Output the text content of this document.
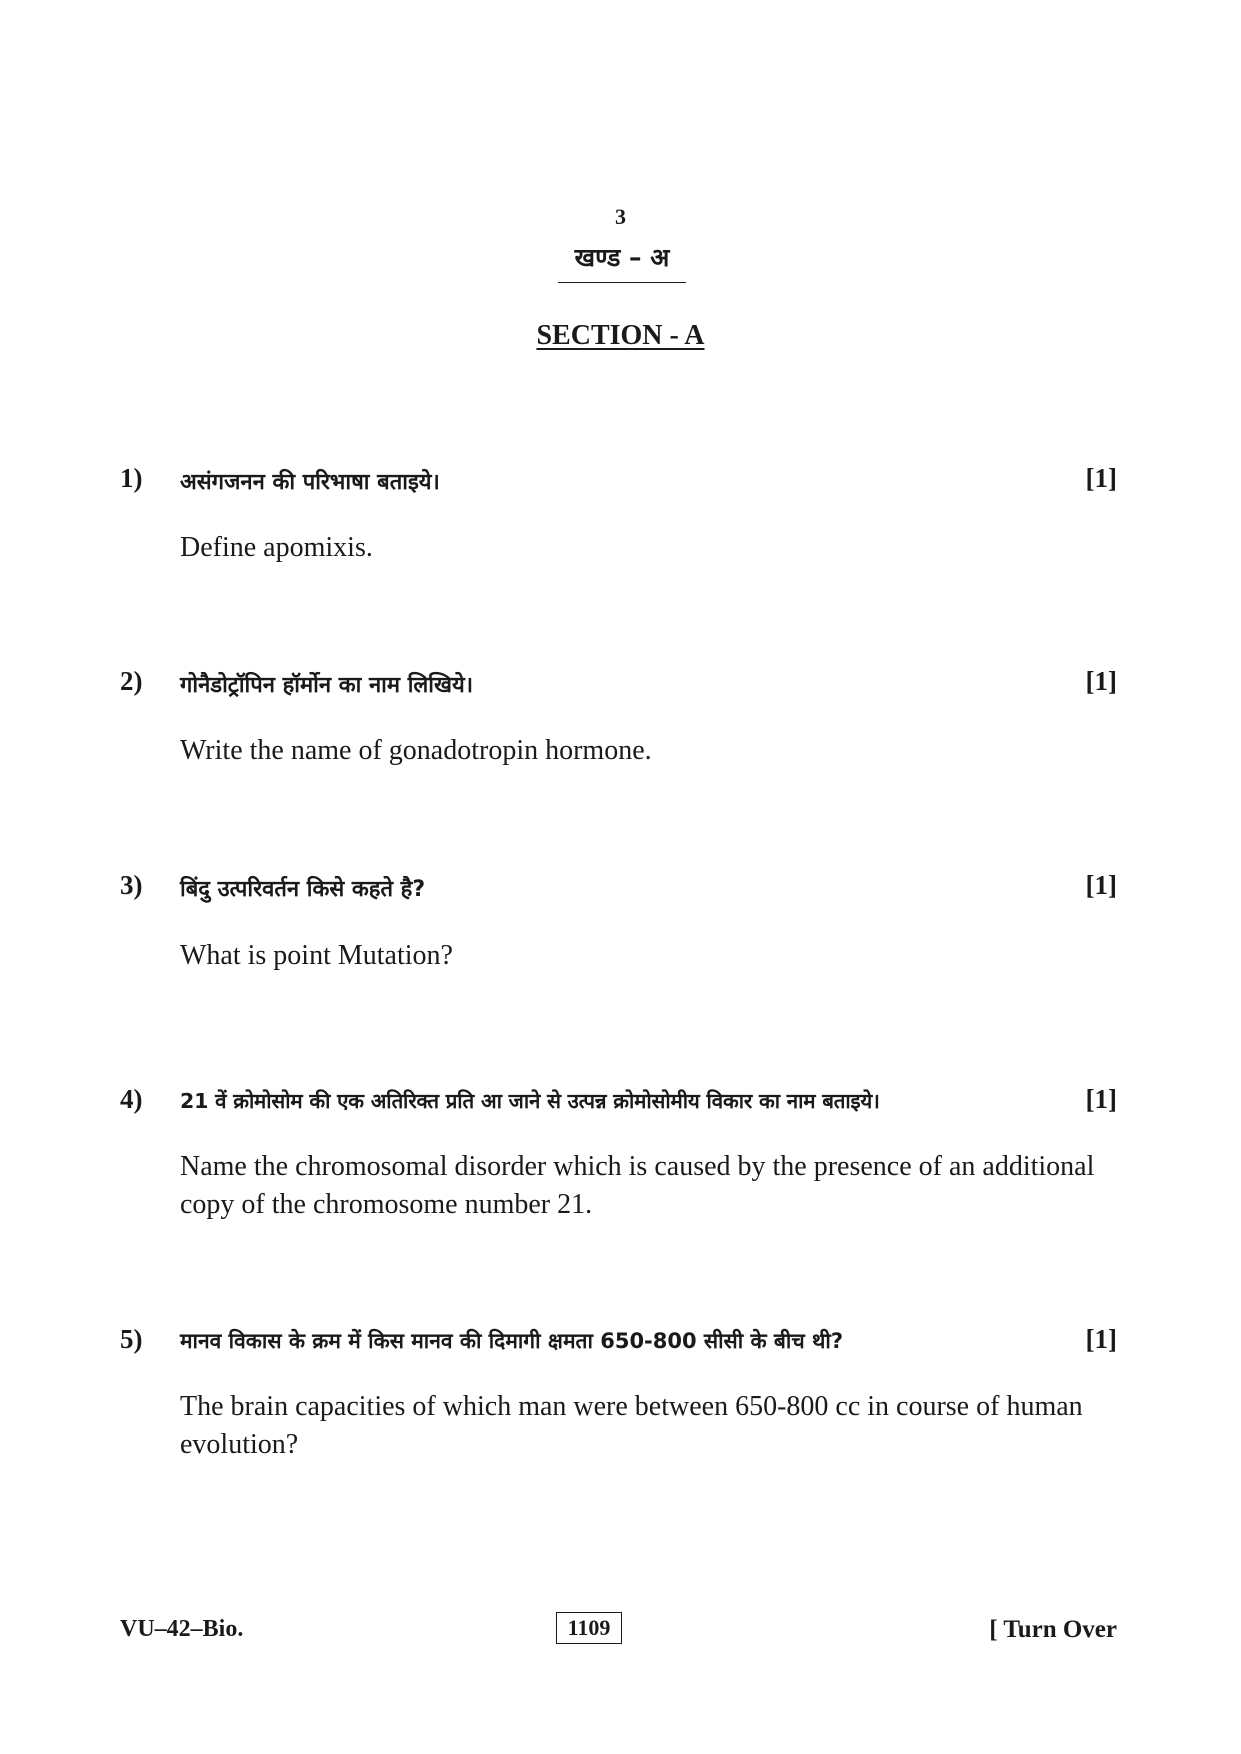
3
खण्ड – अ
SECTION - A
1) असंगजनन की परिभाषा बताइये।	[1]
Define apomixis.
2) गोनैडोट्रॉपिन हॉर्मोन का नाम लिखिये।	[1]
Write the name of gonadotropin hormone.
3) बिंदु उत्परिवर्तन किसे कहते है?	[1]
What is point Mutation?
4) 21 वें क्रोमोसोम की एक अतिरिक्त प्रति आ जाने से उत्पन्न क्रोमोसोमीय विकार का नाम बताइये।	[1]
Name the chromosomal disorder which is caused by the presence of an additional copy of the chromosome number 21.
5) मानव विकास के क्रम में किस मानव की दिमागी क्षमता 650-800 सीसी के बीच थी?	[1]
The brain capacities of which man were between 650-800 cc in course of human evolution?
VU–42–Bio.	1109	[ Turn Over
